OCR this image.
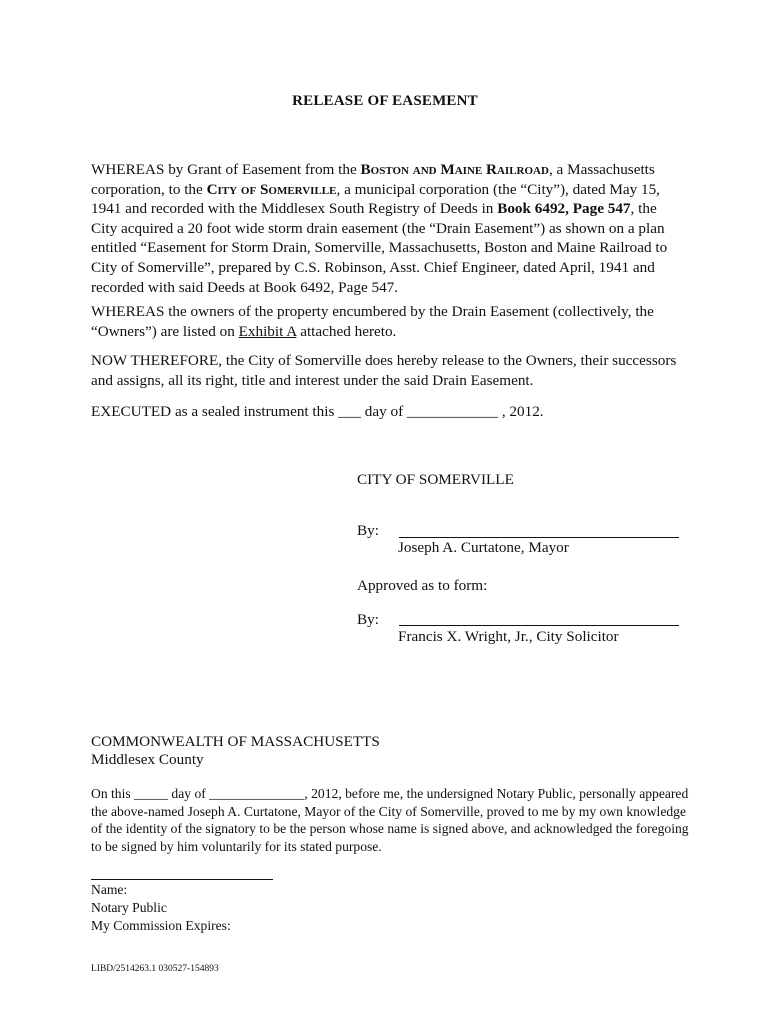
RELEASE OF EASEMENT
WHEREAS by Grant of Easement from the Boston and Maine Railroad, a Massachusetts corporation, to the City of Somerville, a municipal corporation (the “City”), dated May 15, 1941 and recorded with the Middlesex South Registry of Deeds in Book 6492, Page 547, the City acquired a 20 foot wide storm drain easement (the “Drain Easement”) as shown on a plan entitled “Easement for Storm Drain, Somerville, Massachusetts, Boston and Maine Railroad to City of Somerville”, prepared by C.S. Robinson, Asst. Chief Engineer, dated April, 1941 and recorded with said Deeds at Book 6492, Page 547.
WHEREAS the owners of the property encumbered by the Drain Easement (collectively, the “Owners”) are listed on Exhibit A attached hereto.
NOW THEREFORE, the City of Somerville does hereby release to the Owners, their successors and assigns, all its right, title and interest under the said Drain Easement.
EXECUTED as a sealed instrument this ___ day of ____________ , 2012.
CITY OF SOMERVILLE
By:
Joseph A. Curtatone, Mayor
Approved as to form:
By:
Francis X. Wright, Jr., City Solicitor
COMMONWEALTH OF MASSACHUSETTS
Middlesex County
On this _____ day of ______________, 2012, before me, the undersigned Notary Public, personally appeared the above-named Joseph A. Curtatone, Mayor of the City of Somerville, proved to me by my own knowledge of the identity of the signatory to be the person whose name is signed above, and acknowledged the foregoing to be signed by him voluntarily for its stated purpose.
Name:
Notary Public
My Commission Expires:
LIBD/2514263.1 030527-154893
